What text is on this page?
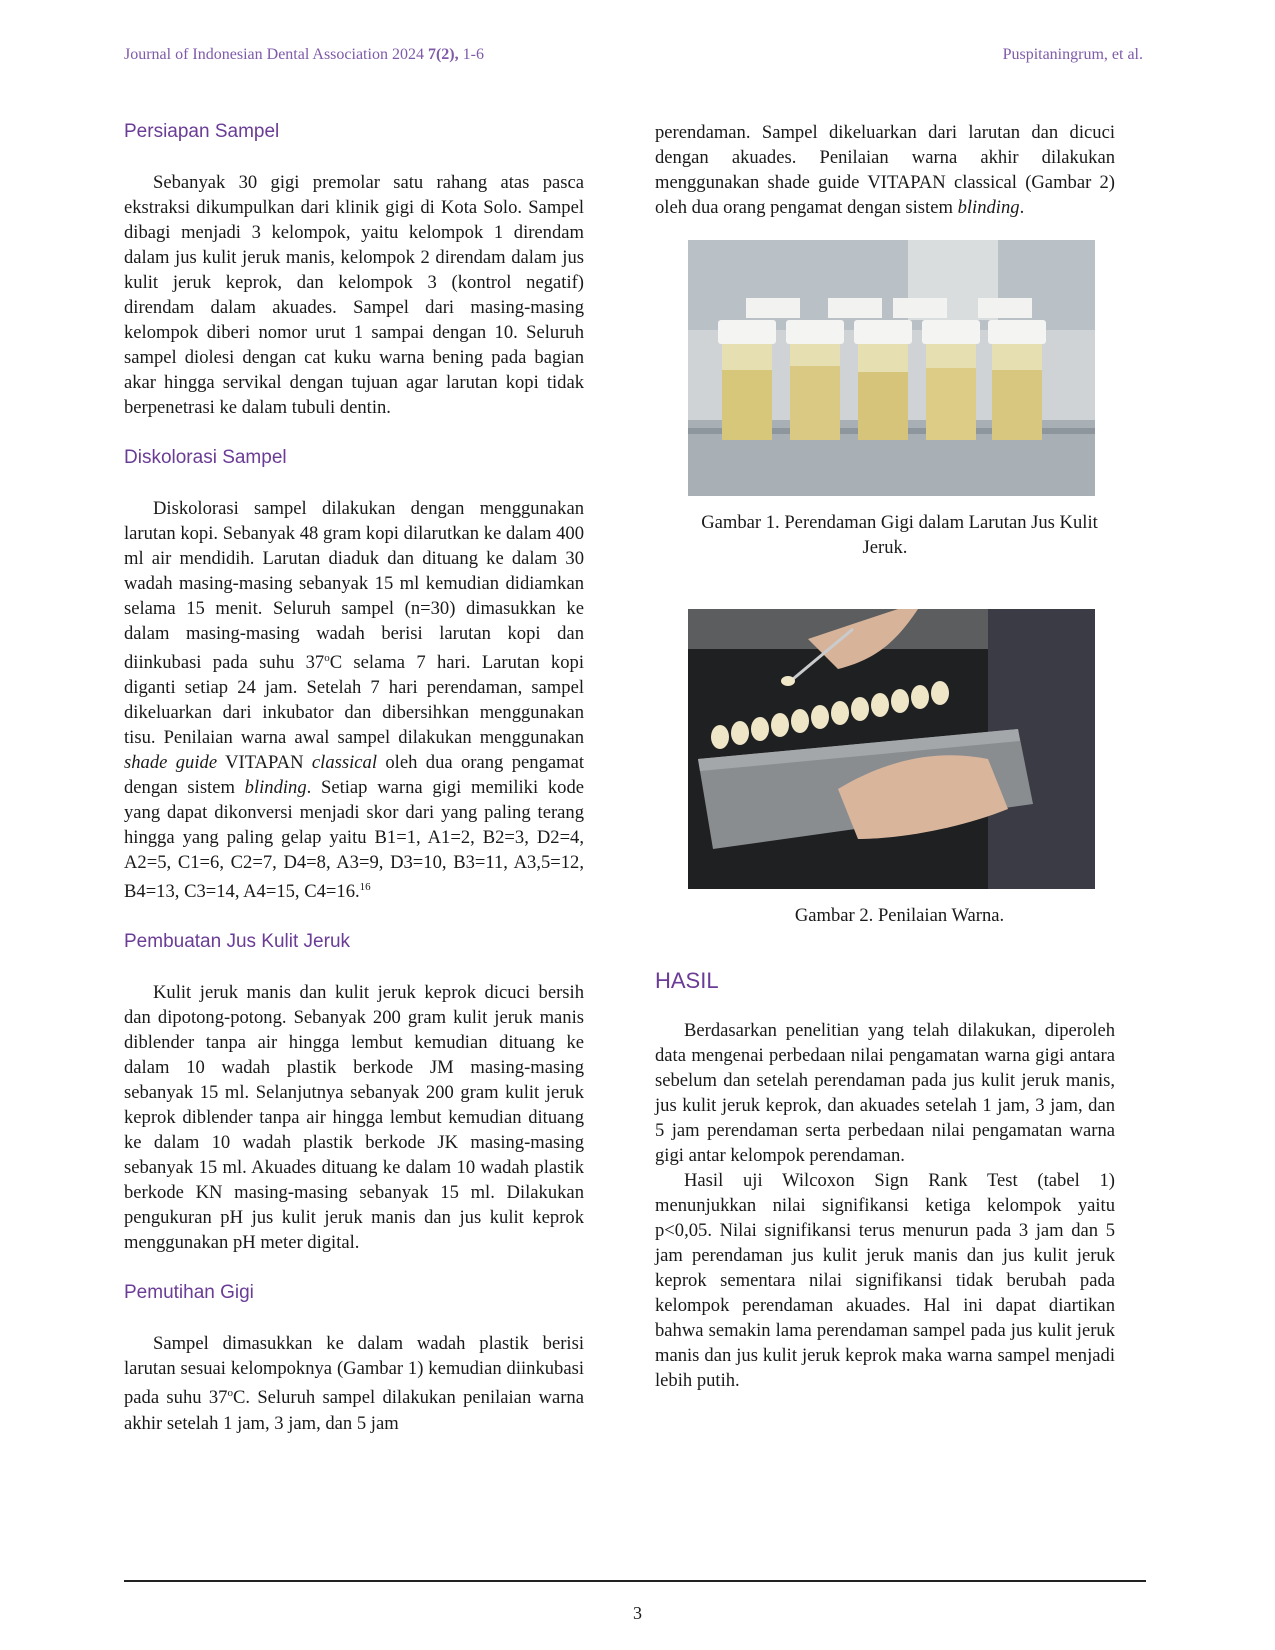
Journal of Indonesian Dental Association 2024 7(2), 1-6	Puspitaningrum, et al.
Persiapan Sampel

Sebanyak 30 gigi premolar satu rahang atas pasca ekstraksi dikumpulkan dari klinik gigi di Kota Solo. Sampel dibagi menjadi 3 kelompok, yaitu kelompok 1 direndam dalam jus kulit jeruk manis, kelompok 2 direndam dalam jus kulit jeruk keprok, dan kelompok 3 (kontrol negatif) direndam dalam akuades. Sampel dari masing-masing kelompok diberi nomor urut 1 sampai dengan 10. Seluruh sampel diolesi dengan cat kuku warna bening pada bagian akar hingga servikal dengan tujuan agar larutan kopi tidak berpenetrasi ke dalam tubuli dentin.

Diskolorasi Sampel

Diskolorasi sampel dilakukan dengan menggunakan larutan kopi. Sebanyak 48 gram kopi dilarutkan ke dalam 400 ml air mendidih. Larutan diaduk dan dituang ke dalam 30 wadah masing-masing sebanyak 15 ml kemudian didiamkan selama 15 menit. Seluruh sampel (n=30) dimasukkan ke dalam masing-masing wadah berisi larutan kopi dan diinkubasi pada suhu 37$^o$C selama 7 hari. Larutan kopi diganti setiap 24 jam. Setelah 7 hari perendaman, sampel dikeluarkan dari inkubator dan dibersihkan menggunakan tisu. Penilaian warna awal sampel dilakukan menggunakan shade guide VITAPAN classical oleh dua orang pengamat dengan sistem blinding. Setiap warna gigi memiliki kode yang dapat dikonversi menjadi skor dari yang paling terang hingga yang paling gelap yaitu B1=1, A1=2, B2=3, D2=4, A2=5, C1=6, C2=7, D4=8, A3=9, D3=10, B3=11, A3,5=12, B4=13, C3=14, A4=15, C4=16.16

Pembuatan Jus Kulit Jeruk

Kulit jeruk manis dan kulit jeruk keprok dicuci bersih dan dipotong-potong. Sebanyak 200 gram kulit jeruk manis diblender tanpa air hingga lembut kemudian dituang ke dalam 10 wadah plastik berkode JM masing-masing sebanyak 15 ml. Selanjutnya sebanyak 200 gram kulit jeruk keprok diblender tanpa air hingga lembut kemudian dituang ke dalam 10 wadah plastik berkode JK masing-masing sebanyak 15 ml. Akuades dituang ke dalam 10 wadah plastik berkode KN masing-masing sebanyak 15 ml. Dilakukan pengukuran pH jus kulit jeruk manis dan jus kulit keprok menggunakan pH meter digital.

Pemutihan Gigi

Sampel dimasukkan ke dalam wadah plastik berisi larutan sesuai kelompoknya (Gambar 1) kemudian diinkubasi pada suhu 37$^o$C. Seluruh sampel dilakukan penilaian warna akhir setelah 1 jam, 3 jam, dan 5 jam

perendaman. Sampel dikeluarkan dari larutan dan dicuci dengan akuades. Penilaian warna akhir dilakukan menggunakan shade guide VITAPAN classical (Gambar 2) oleh dua orang pengamat dengan sistem blinding.

Gambar 1. Perendaman Gigi dalam Larutan Jus Kulit Jeruk.

Gambar 2. Penilaian Warna.

HASIL

Berdasarkan penelitian yang telah dilakukan, diperoleh data mengenai perbedaan nilai pengamatan warna gigi antara sebelum dan setelah perendaman pada jus kulit jeruk manis, jus kulit jeruk keprok, dan akuades setelah 1 jam, 3 jam, dan 5 jam perendaman serta perbedaan nilai pengamatan warna gigi antar kelompok perendaman.

Hasil uji Wilcoxon Sign Rank Test (tabel 1) menunjukkan nilai signifikansi ketiga kelompok yaitu p<0,05. Nilai signifikansi terus menurun pada 3 jam dan 5 jam perendaman jus kulit jeruk manis dan jus kulit jeruk keprok sementara nilai signifikansi tidak berubah pada kelompok perendaman akuades. Hal ini dapat diartikan bahwa semakin lama perendaman sampel pada jus kulit jeruk manis dan jus kulit jeruk keprok maka warna sampel menjadi lebih putih.

3
